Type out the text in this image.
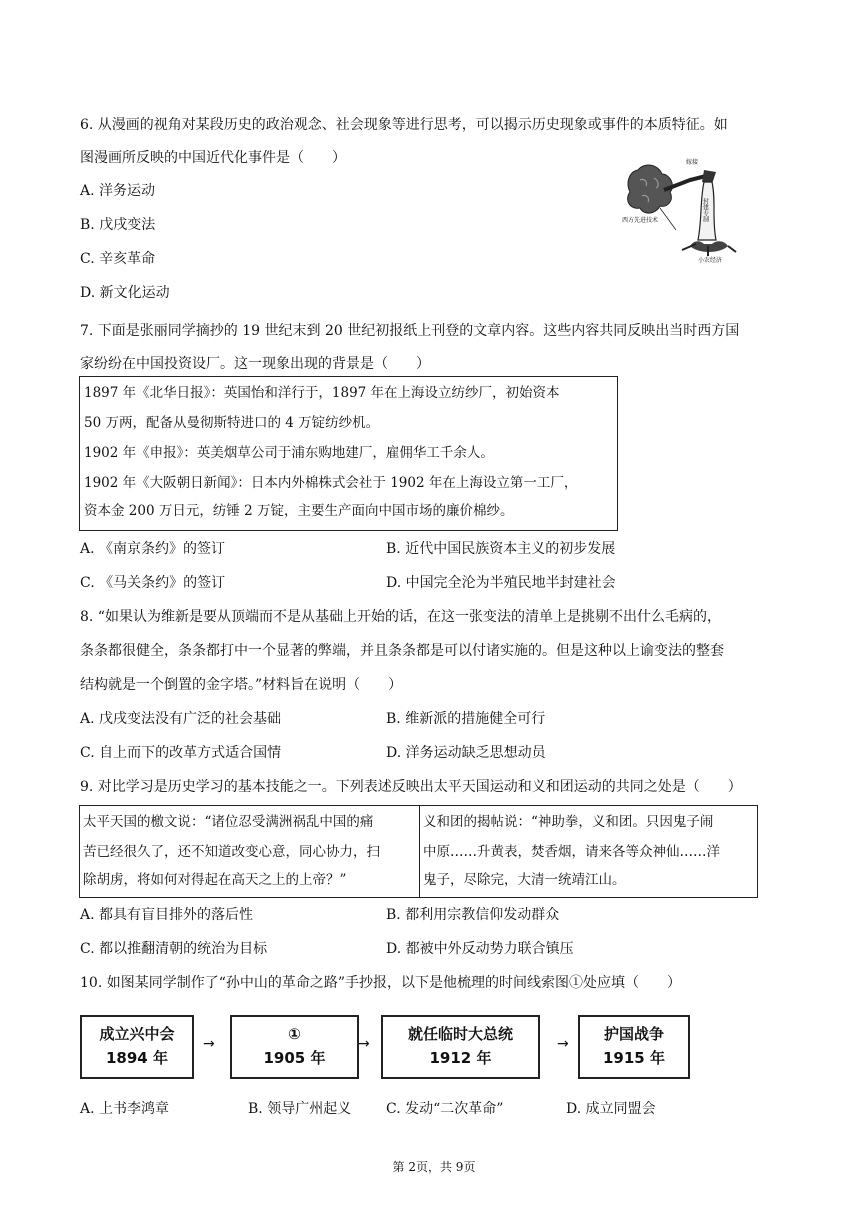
6. 从漫画的视角对某段历史的政治观念、社会现象等进行思考，可以揭示历史现象或事件的本质特征。如
图漫画所反映的中国近代化事件是（　　）
A. 洋务运动
B. 戊戌变法
C. 辛亥革命
D. 新文化运动
嫁接
西方先进技术
小农经济
封建专制
7. 下面是张丽同学摘抄的 19 世纪末到 20 世纪初报纸上刊登的文章内容。这些内容共同反映出当时西方国
家纷纷在中国投资设厂。这一现象出现的背景是（　　）
1897 年《北华日报》：英国怡和洋行于，1897 年在上海设立纺纱厂，初始资本
50 万两，配备从曼彻斯特进口的 4 万锭纺纱机。
1902 年《申报》：英美烟草公司于浦东购地建厂，雇佣华工千余人。
1902 年《大阪朝日新闻》：日本内外棉株式会社于 1902 年在上海设立第一工厂，
资本金 200 万日元，纺锤 2 万锭，主要生产面向中国市场的廉价棉纱。
A. 《南京条约》的签订	B. 近代中国民族资本主义的初步发展
C. 《马关条约》的签订	D. 中国完全沦为半殖民地半封建社会
8. “如果认为维新是要从顶端而不是从基础上开始的话，在这一张变法的清单上是挑剔不出什么毛病的，
条条都很健全，条条都打中一个显著的弊端，并且条条都是可以付诸实施的。但是这种以上谕变法的整套
结构就是一个倒置的金字塔。”材料旨在说明（　　）
A. 戊戌变法没有广泛的社会基础	B. 维新派的措施健全可行
C. 自上而下的改革方式适合国情	D. 洋务运动缺乏思想动员
9. 对比学习是历史学习的基本技能之一。下列表述反映出太平天国运动和义和团运动的共同之处是（　　）
太平天国的檄文说：“诸位忍受满洲祸乱中国的痛
苦已经很久了，还不知道改变心意，同心协力，扫
除胡虏，将如何对得起在高天之上的上帝？”
义和团的揭帖说：“神助拳，义和团。只因鬼子闹
中原……升黄表，焚香烟，请来各等众神仙……洋
鬼子，尽除完，大清一统靖江山。
A. 都具有盲目排外的落后性	B. 都利用宗教信仰发动群众
C. 都以推翻清朝的统治为目标	D. 都被中外反动势力联合镇压
10. 如图某同学制作了“孙中山的革命之路”手抄报，以下是他梳理的时间线索图①处应填（　　）
成立兴中会
1894 年
→
①
1905 年
→
就任临时大总统
1912 年
→
护国战争
1915 年
A. 上书李鸿章	B. 领导广州起义 C. 发动“二次革命”	D. 成立同盟会
第 2页，共 9页
